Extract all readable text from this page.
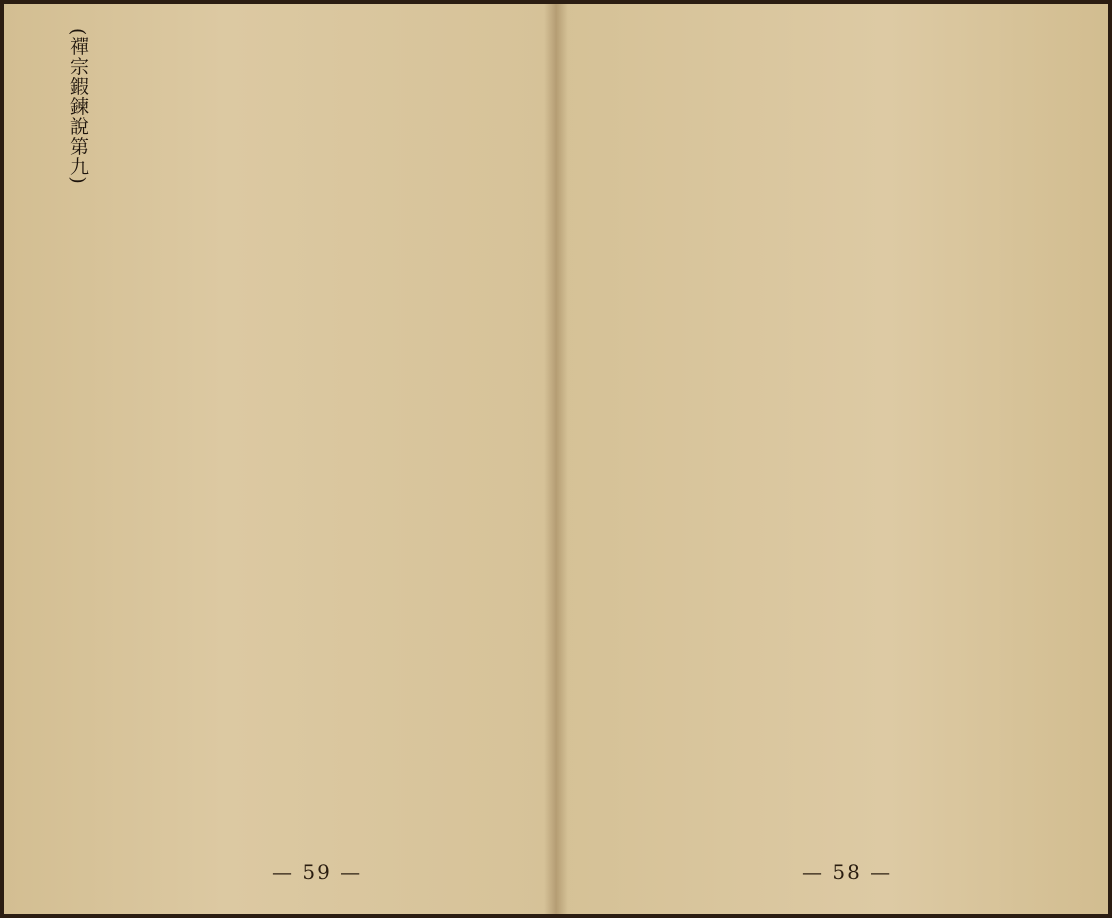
— 58 —
(禪宗鍜鍊說第九)
— 59 —
